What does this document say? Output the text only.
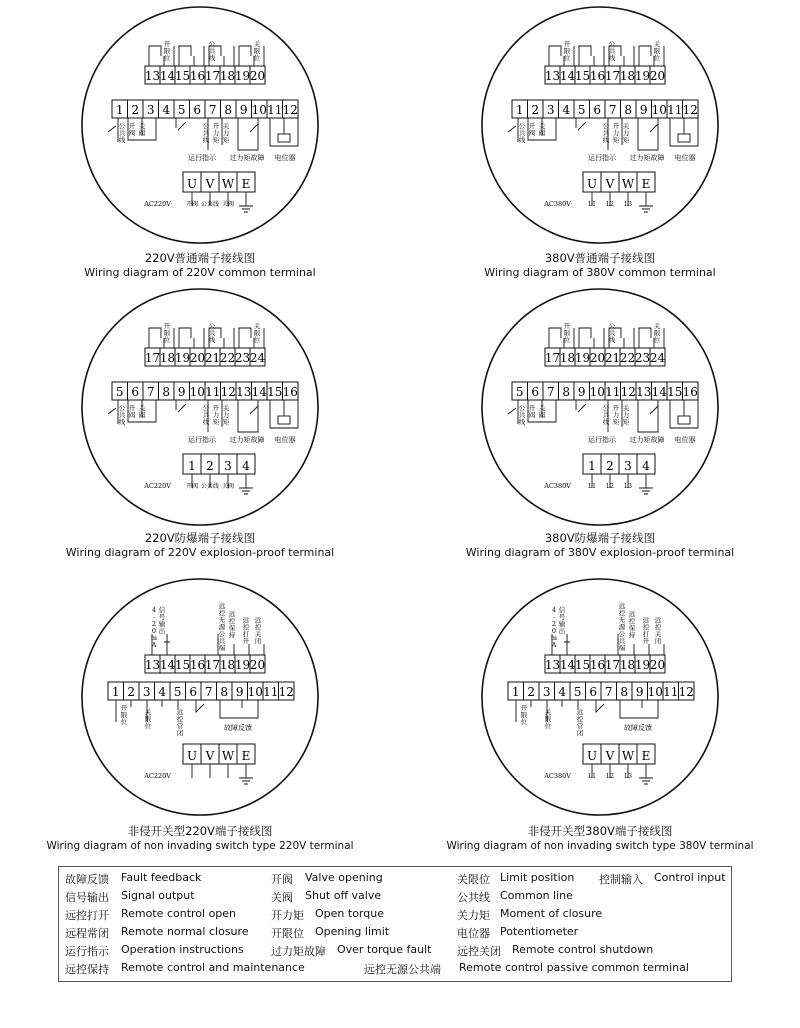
13 14 15 16 17 18 19 20
开限位
公共线
关限位
1 2 3 4 5 6 7 8 9 10 11 12
公共线
开阀
关阀
公共线
开力矩
关力矩
运行指示 过力矩故障 电位器
U V W E
AC220V 开阀 公共线 关阀
13 14 15 16 17 18 19 20
开限位
公共线
关限位
1 2 3 4 5 6 7 8 9 10 11 12
公共线
开阀
关阀
公共线
开力矩
关力矩
运行指示 过力矩故障 电位器
U V W E
AC380V	L1 L2 L3
17 18 19 20 21 22 23 24
开限位
公共线
关限位
5 6 7 8 9 10 11 12 13 14 15 16
公共线
开阀
关阀
公共线
开力矩
关力矩
运行指示 过力矩故障 电位器
1 2 3 4
AC220V 开阀 公共线 关阀
17 18 19 20 21 22 23 24
开限位
公共线
关限位
5 6 7 8 9 10 11 12 13 14 15 16
公共线
开阀
关阀
公共线
开力矩
关力矩
运行指示 过力矩故障 电位器
1 2 3 4
AC380V	L1 L2 L3
13 14 15 16 17 18 19 20
4 -2 0 m A
信号输出
远控无源公共端
远控保持
远控打开
远控关闭
1 2 3 4 5 6 7 8 9 10 11 12
开限位
关限位
远控常闭
故障反馈
U V W E
AC220V
13 14 15 16 17 18 19 20
4 -2 0 m A
信号输出
远控无源公共端
远控保持
远控打开
远控关闭
1 2 3 4 5 6 7 8 9 10 11 12
开限位
关限位
远控常闭
故障反馈
U V W E
AC380V	L1 L2 L3
220V普通端子接线图
Wiring diagram of 220V common terminal
380V普通端子接线图
Wiring diagram of 380V common terminal
220V防爆端子接线图
Wiring diagram of 220V explosion-proof terminal
380V防爆端子接线图
Wiring diagram of 380V explosion-proof terminal
非侵开关型220V端子接线图
Wiring diagram of non invading switch type 220V terminal
非侵开关型380V端子接线图
Wiring diagram of non invading switch type 380V terminal
故障反馈 Fault feedback	开阀 Valve opening	关限位 Limit position 控制输入 Control input
信号输出 Signal output	关阀 Shut off valve	公共线 Common line
远控打开 Remote control open	开力矩 Open torque	关力矩 Moment of closure
远程常闭 Remote normal closure 开限位 Opening limit	电位器 Potentiometer
运行指示 Operation instructions 过力矩故障 Over torque fault 远控关闭 Remote control shutdown
远控保持 Remote control and maintenance	远控无源公共端 Remote control passive common terminal
